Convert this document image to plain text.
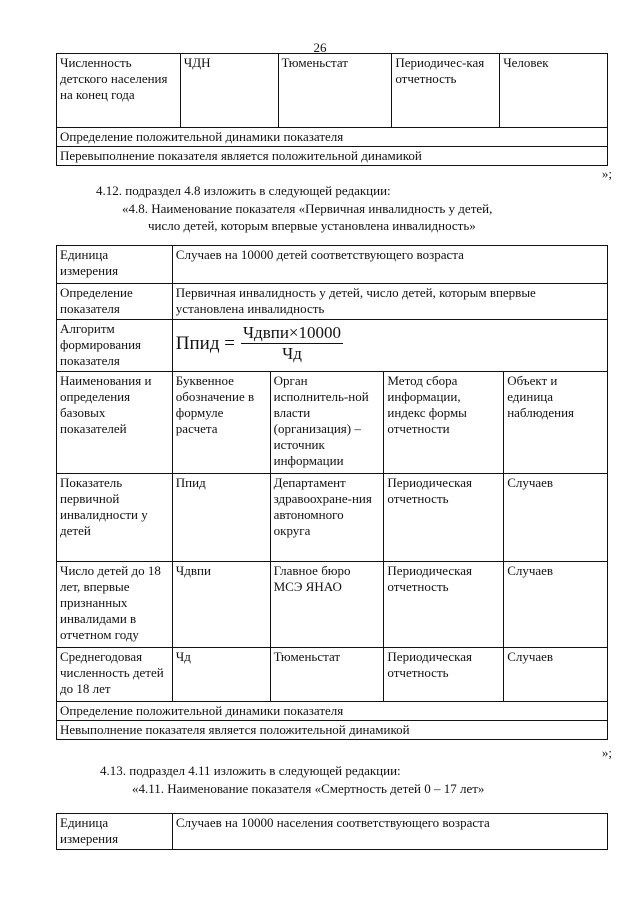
26
Численность детского населения на конец года	ЧДН	Тюменьстат	Периодичес-кая отчетность	Человек
Определение положительной динамики показателя
Перевыполнение показателя является положительной динамикой
»;
4.12. подраздел 4.8 изложить в следующей редакции:
«4.8. Наименование показателя «Первичная инвалидность у детей,
число детей, которым впервые установлена инвалидность»
Единица измерения	Случаев на 10000 детей соответствующего возраста			
Определение показателя	Первичная инвалидность у детей, число детей, которым впервые установлена инвалидность			
Алгоритм формирования показателя	Ппид = $\frac{\text{Чдвпи×10000}}{Чд}$

Наименования и определения базовых показателей	Буквенное обозначение в формуле расчета	Орган исполнитель-ной власти (организация) – источник информации	Метод сбора информации, индекс формы отчетности	Объект и единица наблюдения
Показатель первичной инвалидности у детей	Ппид	Департамент здравоохране-ния автономного округа	Периодическая отчетность	Случаев
Число детей до 18 лет, впервые признанных инвалидами в отчетном году	Чдвпи	Главное бюро МСЭ ЯНАО	Периодическая отчетность	Случаев
Среднегодовая численность детей до 18 лет	Чд	Тюменьстат	Периодическая отчетность	Случаев
Определение положительной динамики показателя				
Невыполнение показателя является положительной динамикой				
»;
4.13. подраздел 4.11 изложить в следующей редакции:
«4.11. Наименование показателя «Смертность детей 0 – 17 лет»
Единица измерения	Случаев на 10000 населения соответствующего возраста
